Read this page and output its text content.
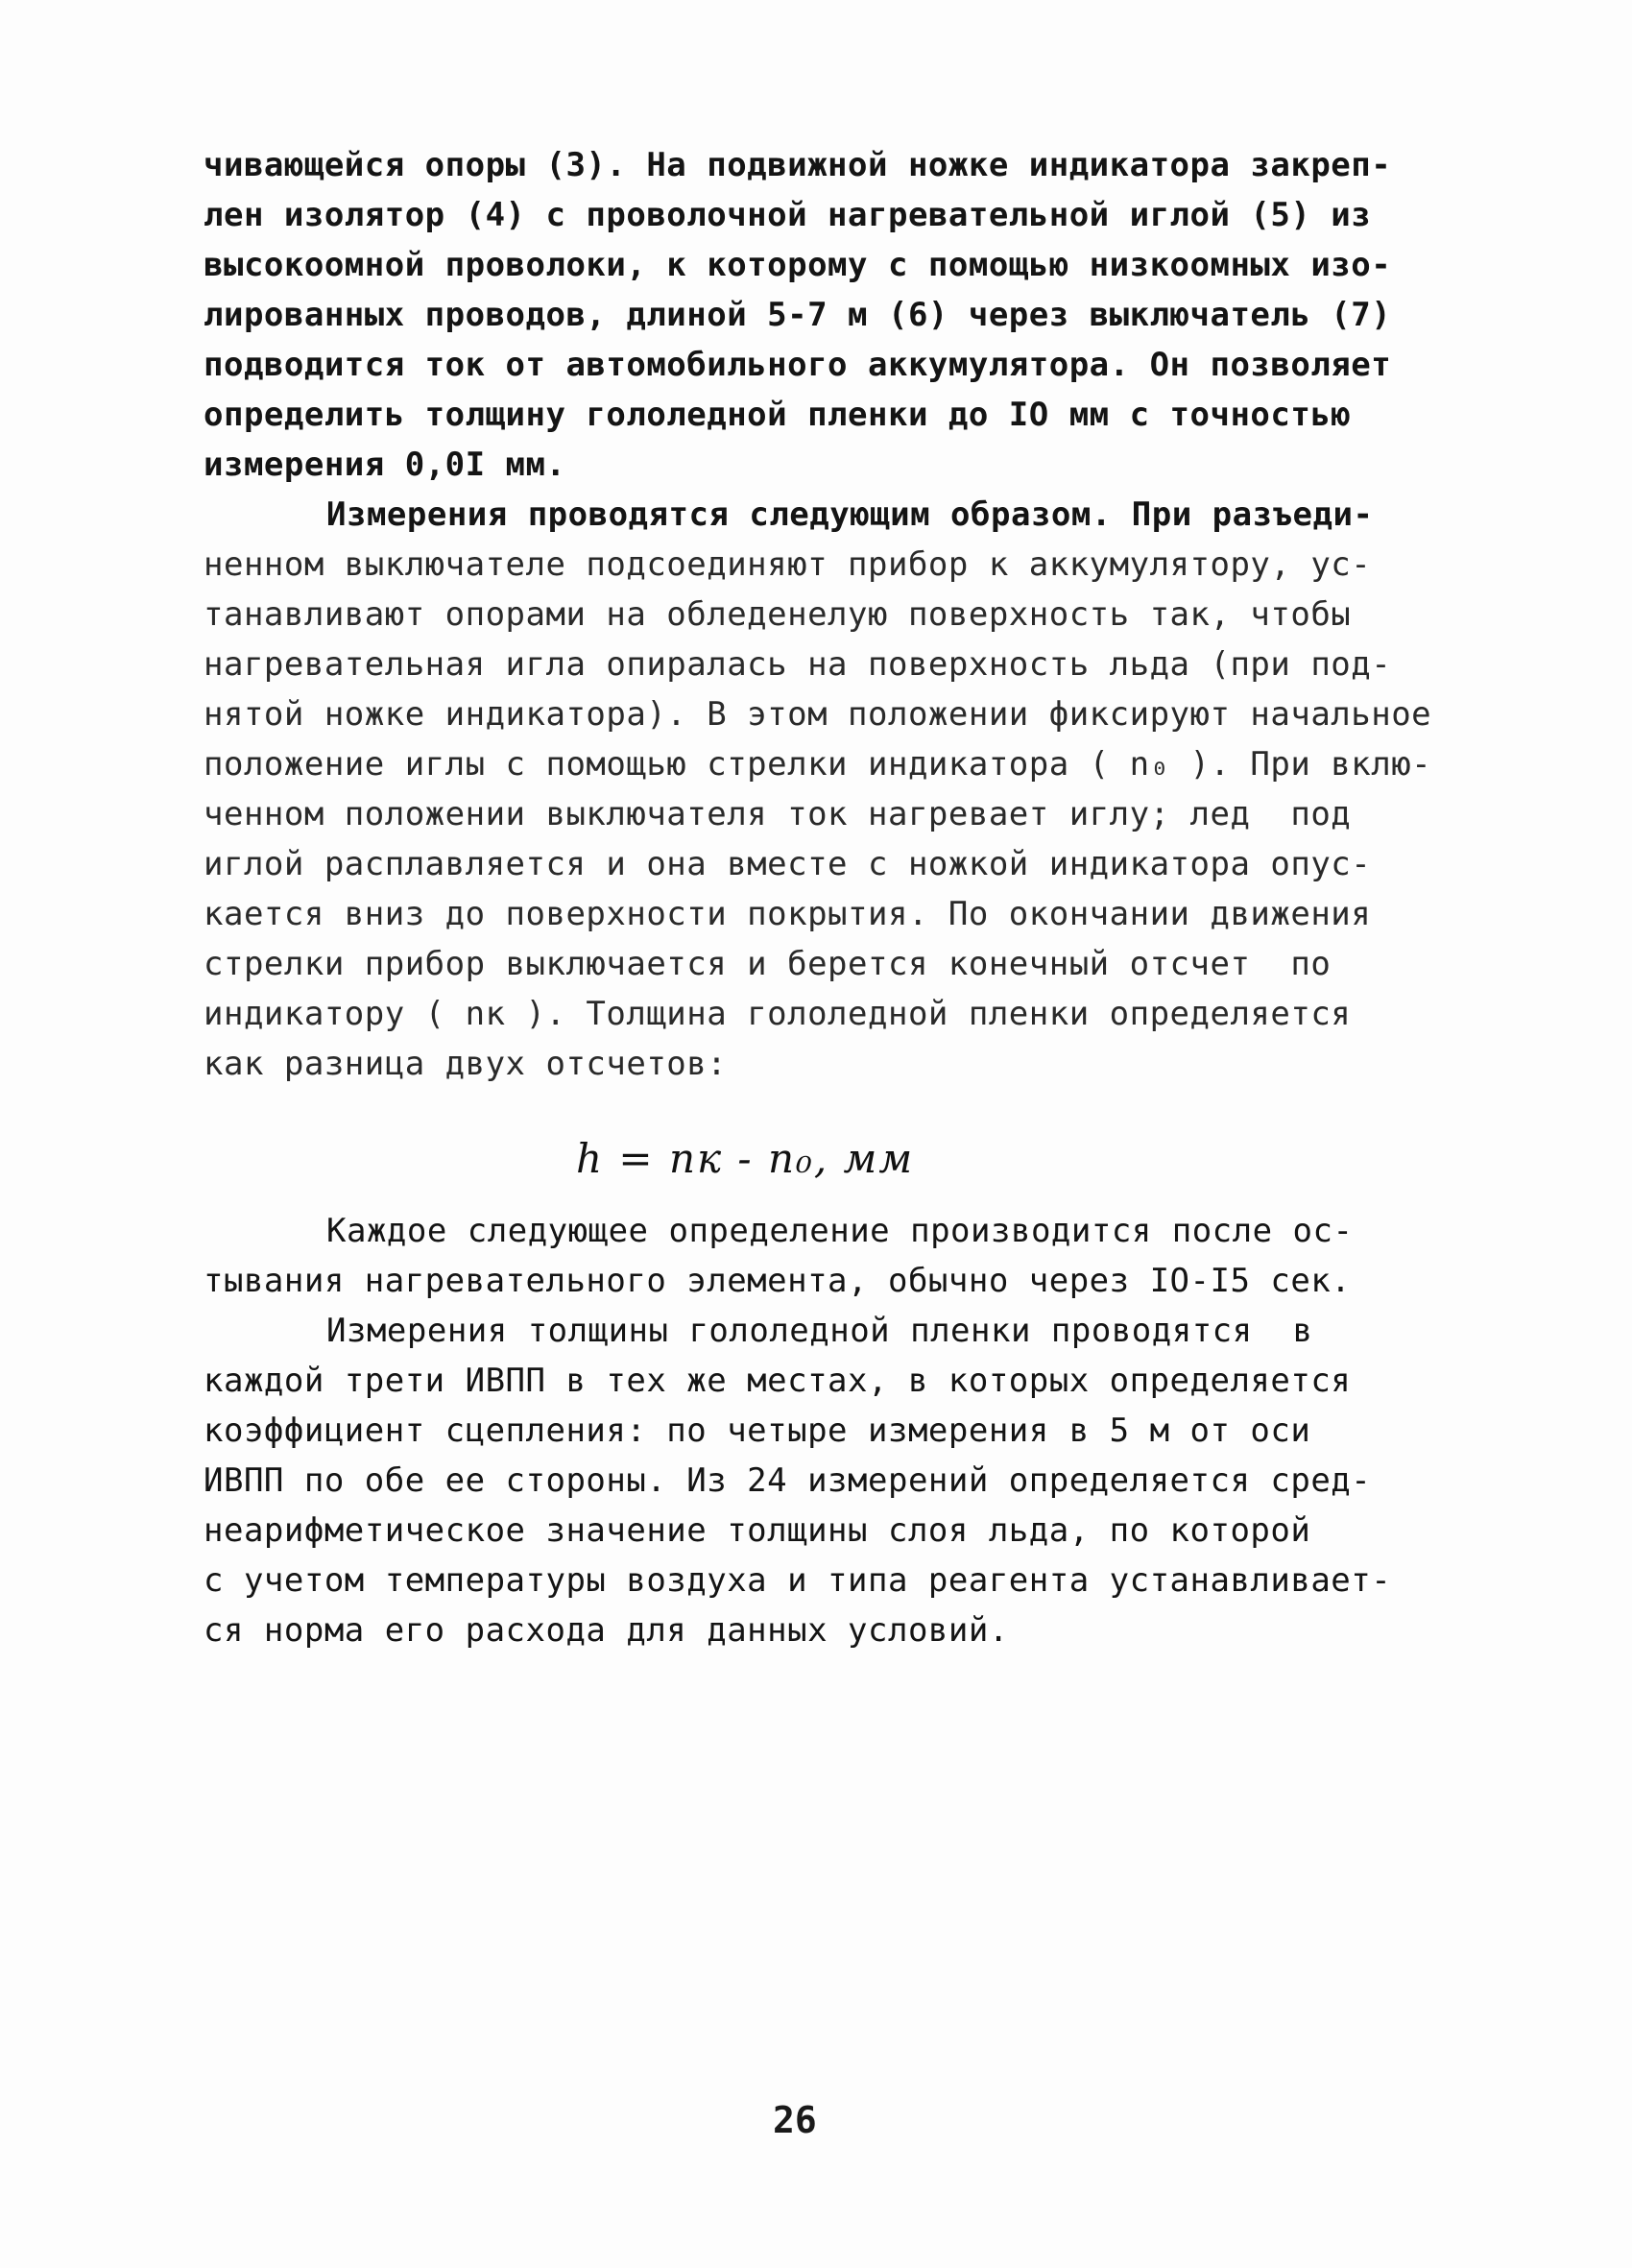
чивающейся опоры (3). На подвижной ножке индикатора закреп-
лен изолятор (4) с проволочной нагревательной иглой (5) из
высокоомной проволоки, к которому с помощью низкоомных изо-
лированных проводов, длиной 5-7 м (6) через выключатель (7)
подводится ток от автомобильного аккумулятора. Он позволяет
определить толщину гололедной пленки до IO мм с точностью
измерения 0,0I мм.
Измерения проводятся следующим образом. При разъеди-
ненном выключателе подсоединяют прибор к аккумулятору, ус-
танавливают опорами на обледенелую поверхность так, чтобы
нагревательная игла опиралась на поверхность льда (при под-
нятой ножке индикатора). В этом положении фиксируют начальное
положение иглы с помощью стрелки индикатора ( n₀ ). При вклю-
ченном положении выключателя ток нагревает иглу; лед  под
иглой расплавляется и она вместе с ножкой индикатора опус-
кается вниз до поверхности покрытия. По окончании движения
стрелки прибор выключается и берется конечный отсчет  по
индикатору ( nк ). Толщина гололедной пленки определяется
как разница двух отсчетов:
h = nк - n₀, мм
Каждое следующее определение производится после ос-
тывания нагревательного элемента, обычно через IO-I5 сек.
Измерения толщины гололедной пленки проводятся  в
каждой трети ИВПП в тех же местах, в которых определяется
коэффициент сцепления: по четыре измерения в 5 м от оси
ИВПП по обе ее стороны. Из 24 измерений определяется сред-
неарифметическое значение толщины слоя льда, по которой
с учетом температуры воздуха и типа реагента устанавливает-
ся норма его расхода для данных условий.
26
